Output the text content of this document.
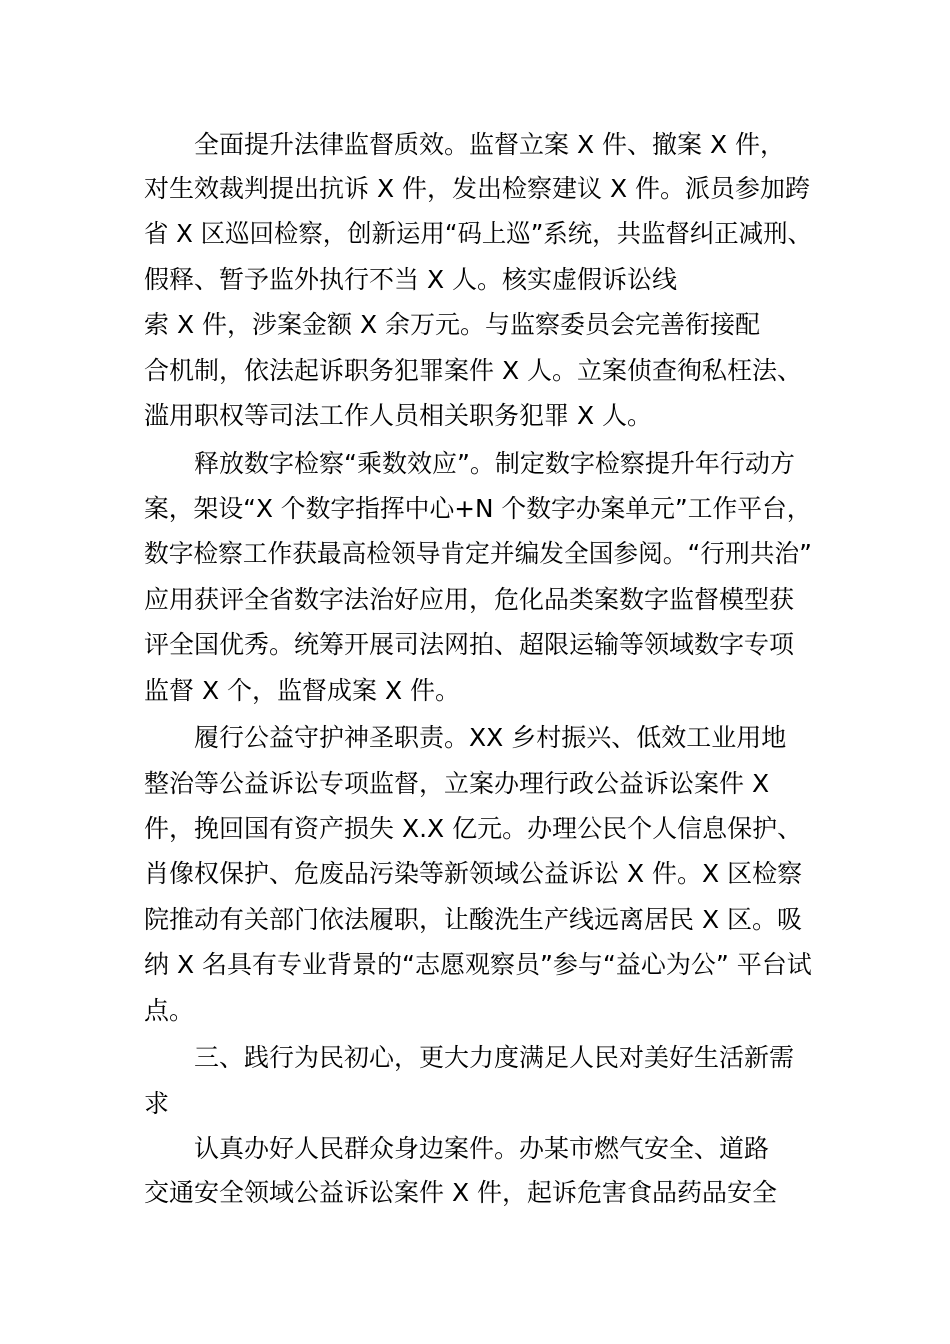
全面提升法律监督质效。监督立案 X 件、撤案 X 件，
对生效裁判提出抗诉 X 件，发出检察建议 X 件。派员参加跨
省 X 区巡回检察，创新运用“码上巡”系统，共监督纠正减刑、
假释、暂予监外执行不当 X 人。核实虚假诉讼线
索 X 件，涉案金额 X 余万元。与监察委员会完善衔接配
合机制，依法起诉职务犯罪案件 X 人。立案侦查徇私枉法、
滥用职权等司法工作人员相关职务犯罪 X 人。
释放数字检察“乘数效应”。制定数字检察提升年行动方
案，架设“X 个数字指挥中心+N 个数字办案单元”工作平台，
数字检察工作获最高检领导肯定并编发全国参阅。“行刑共治”
应用获评全省数字法治好应用，危化品类案数字监督模型获
评全国优秀。统筹开展司法网拍、超限运输等领域数字专项
监督 X 个，监督成案 X 件。
履行公益守护神圣职责。XX 乡村振兴、低效工业用地
整治等公益诉讼专项监督，立案办理行政公益诉讼案件 X
件，挽回国有资产损失 X.X 亿元。办理公民个人信息保护、
肖像权保护、危废品污染等新领域公益诉讼 X 件。X 区检察
院推动有关部门依法履职，让酸洗生产线远离居民 X 区。吸
纳 X 名具有专业背景的“志愿观察员”参与“益心为公” 平台试
点。
三、践行为民初心，更大力度满足人民对美好生活新需
求
认真办好人民群众身边案件。办某市燃气安全、道路
交通安全领域公益诉讼案件 X 件，起诉危害食品药品安全
